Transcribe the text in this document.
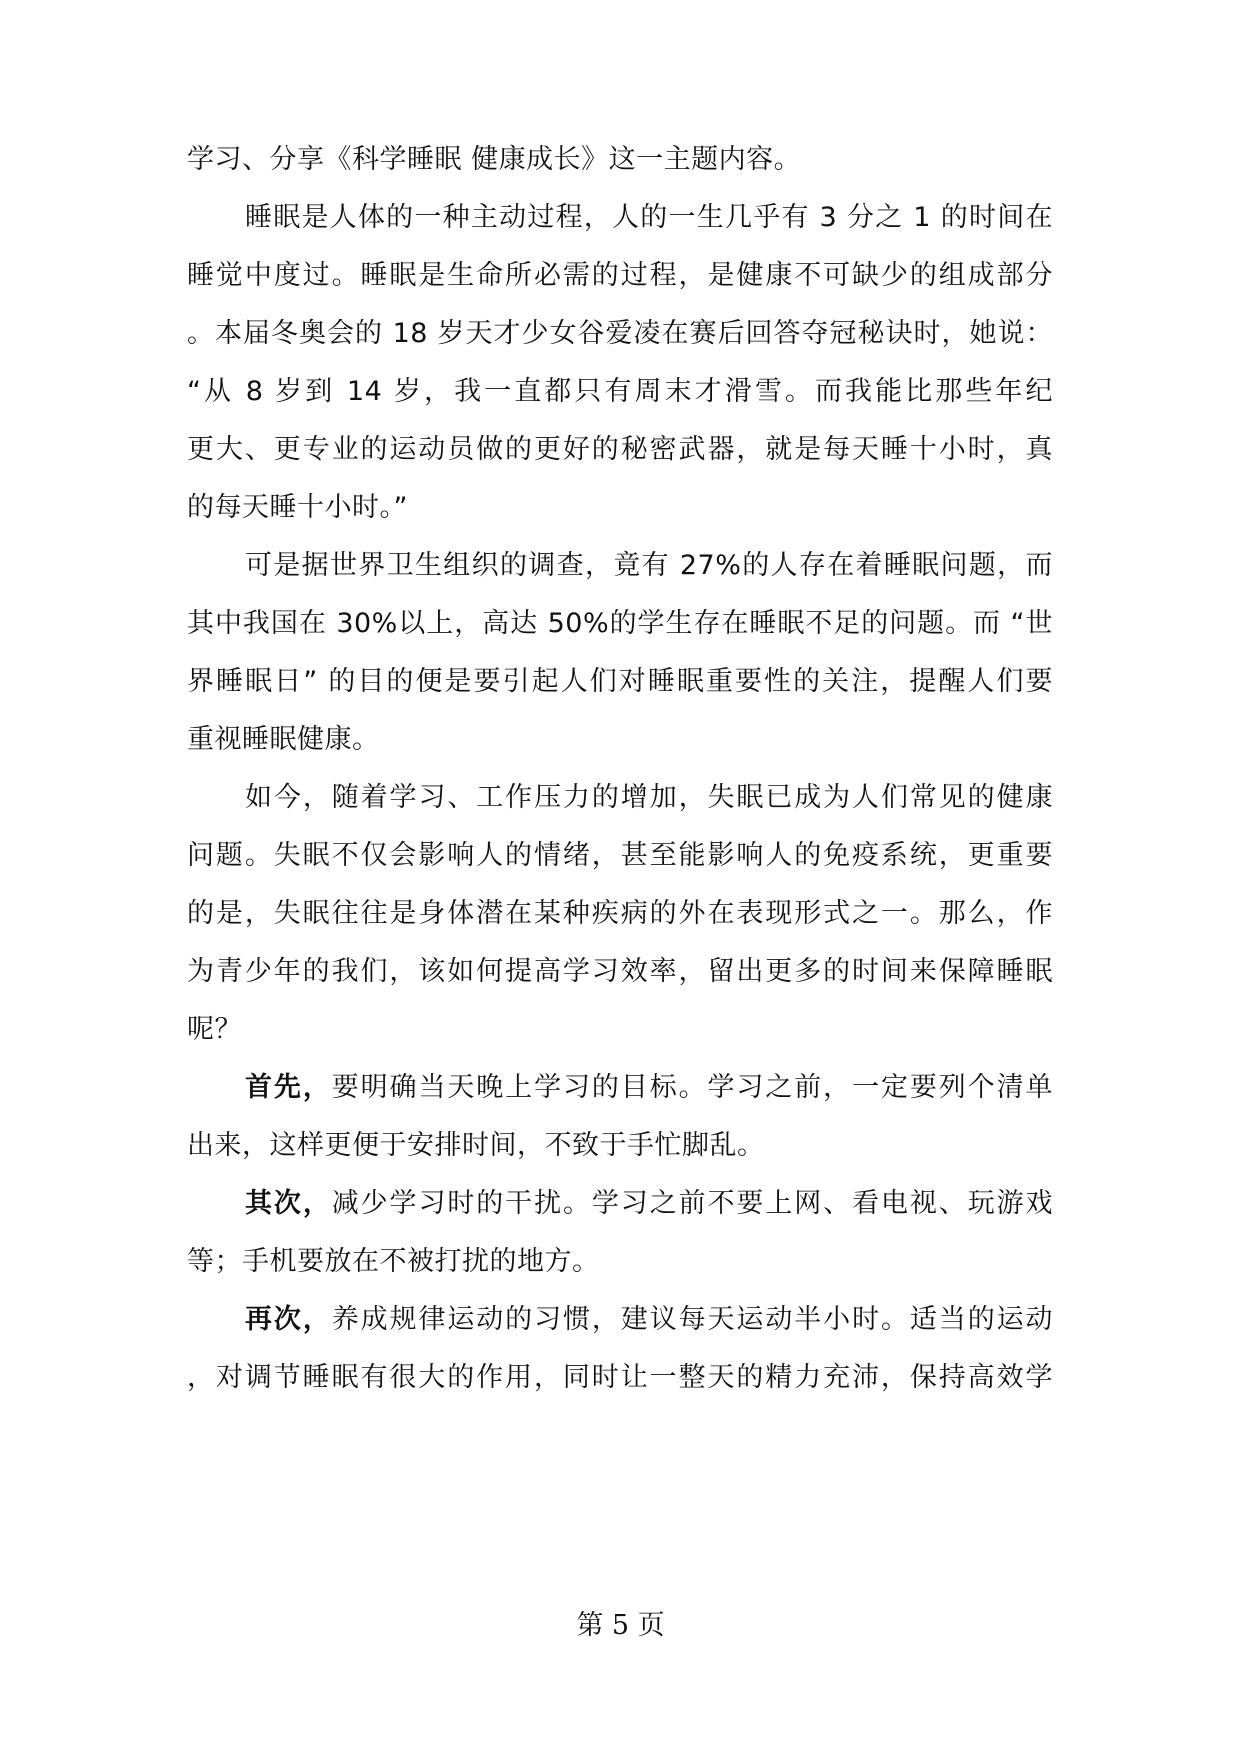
学习、分享《科学睡眠 健康成长》这一主题内容。
睡眠是人体的一种主动过程，人的一生几乎有 3 分之 1 的时间在
睡觉中度过。睡眠是生命所必需的过程，是健康不可缺少的组成部分
。本届冬奥会的 18 岁天才少女谷爱凌在赛后回答夺冠秘诀时，她说：
“从 8 岁到 14 岁，我一直都只有周末才滑雪。而我能比那些年纪
更大、更专业的运动员做的更好的秘密武器，就是每天睡十小时，真
的每天睡十小时。”
可是据世界卫生组织的调查，竟有 27%的人存在着睡眠问题，而
其中我国在 30%以上，高达 50%的学生存在睡眠不足的问题。而 “世
界睡眠日” 的目的便是要引起人们对睡眠重要性的关注，提醒人们要
重视睡眠健康。
如今，随着学习、工作压力的增加，失眠已成为人们常见的健康
问题。失眠不仅会影响人的情绪，甚至能影响人的免疫系统，更重要
的是，失眠往往是身体潜在某种疾病的外在表现形式之一。那么，作
为青少年的我们，该如何提高学习效率，留出更多的时间来保障睡眠
呢？
首先，要明确当天晚上学习的目标。学习之前，一定要列个清单
出来，这样更便于安排时间，不致于手忙脚乱。
其次，减少学习时的干扰。学习之前不要上网、看电视、玩游戏
等；手机要放在不被打扰的地方。
再次，养成规律运动的习惯，建议每天运动半小时。适当的运动
，对调节睡眠有很大的作用，同时让一整天的精力充沛，保持高效学
第 5 页
